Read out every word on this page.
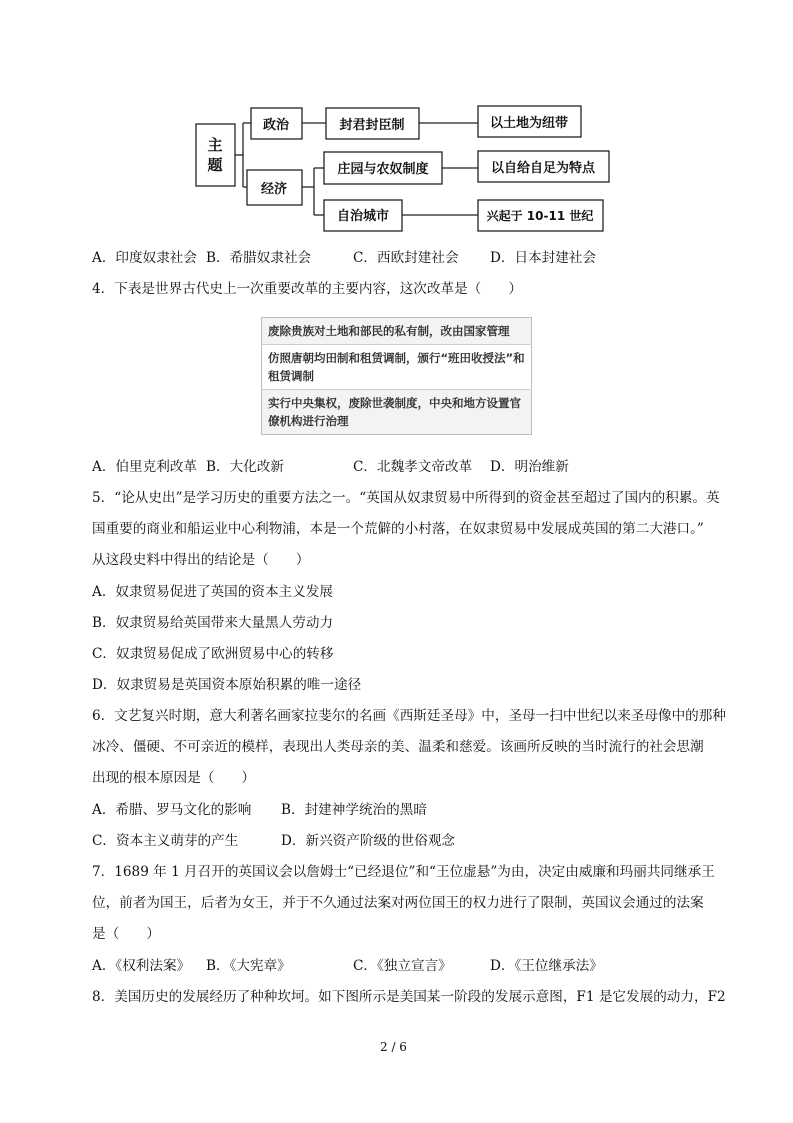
主题
政治
经济
封君封臣制	以土地为纽带
庄园与农奴制度	以自给自足为特点
自治城市	兴起于 10-11 世纪
A．印度奴隶社会 B．希腊奴隶社会	C．西欧封建社会 D．日本封建社会
4．下表是世界古代史上一次重要改革的主要内容，这次改革是（　　）
废除贵族对土地和部民的私有制，改由国家管理
仿照唐朝均田制和租赁调制，颁行“班田收授法”和租赁调制
实行中央集权，废除世袭制度，中央和地方设置官僚机构进行治理
A．伯里克利改革 B．大化改新	C．北魏孝文帝改革 D．明治维新
5．“论从史出”是学习历史的重要方法之一。“英国从奴隶贸易中所得到的资金甚至超过了国内的积累。英
国重要的商业和船运业中心利物浦，本是一个荒僻的小村落，在奴隶贸易中发展成英国的第二大港口。”
从这段史料中得出的结论是（　　）
A．奴隶贸易促进了英国的资本主义发展
B．奴隶贸易给英国带来大量黑人劳动力
C．奴隶贸易促成了欧洲贸易中心的转移
D．奴隶贸易是英国资本原始积累的唯一途径
6．文艺复兴时期，意大利著名画家拉斐尔的名画《西斯廷圣母》中，圣母一扫中世纪以来圣母像中的那种
冰冷、僵硬、不可亲近的模样，表现出人类母亲的美、温柔和慈爱。该画所反映的当时流行的社会思潮
出现的根本原因是（　　）
A．希腊、罗马文化的影响 B．封建神学统治的黑暗
C．资本主义萌芽的产生	D．新兴资产阶级的世俗观念
7．1689 年 1 月召开的英国议会以詹姆士“已经退位”和“王位虚悬”为由，决定由威廉和玛丽共同继承王
位，前者为国王，后者为女王，并于不久通过法案对两位国王的权力进行了限制，英国议会通过的法案
是（　　）
A．《权利法案》 B．《大宪章》	C．《独立宣言》	D．《王位继承法》
8．美国历史的发展经历了种种坎坷。如下图所示是美国某一阶段的发展示意图，F1 是它发展的动力，F2
2 / 6
